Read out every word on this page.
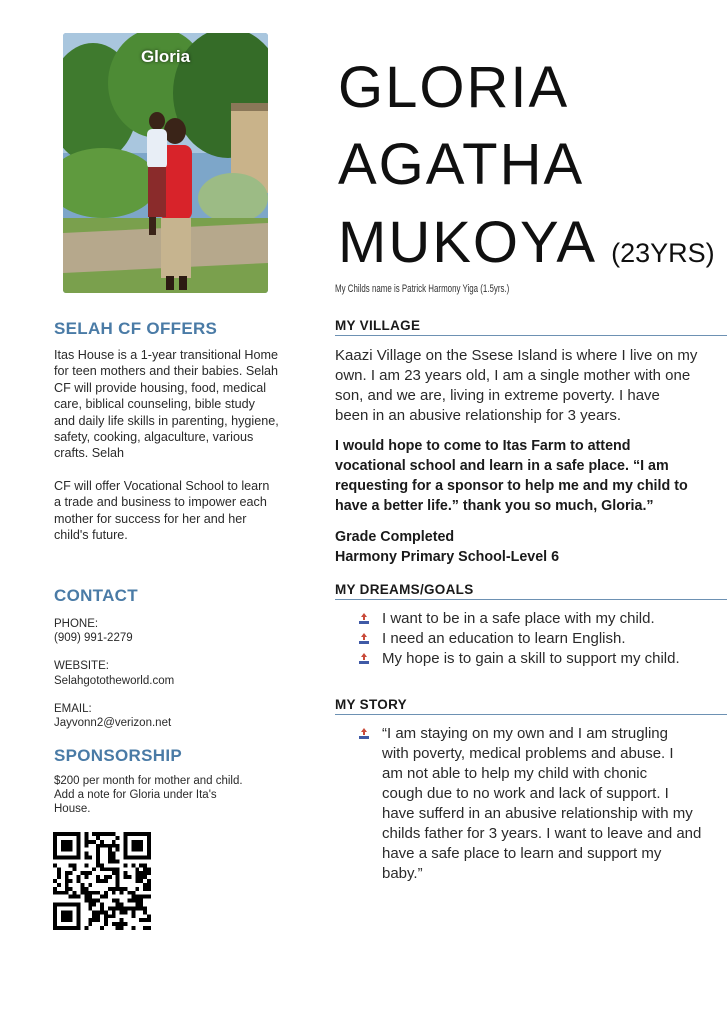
Gloria	GLORIA
AGATHA
MUKOYA (23YRS)
My Childs name is Patrick Harmony Yiga (1.5yrs.)
SELAH CF OFFERS

Itas House is a 1-year transitional Home for teen mothers and their babies. Selah CF will provide housing, food, medical care, biblical counseling, bible study and daily life skills in parenting, hygiene, safety, cooking, algaculture, various crafts. Selah

CF will offer Vocational School to learn a trade and business to impower each mother for success for her and her child's future.

CONTACT
PHONE:
(909) 991-2279
WEBSITE:
Selahgototheworld.com
EMAIL:
Jayvonn2@verizon.net
SPONSORSHIP
$200 per month for mother and child.
Add a note for Gloria under Ita's
House.
MY VILLAGE
Kaazi Village on the Ssese Island is where I live on my
own. I am 23 years old, I am a single mother with one
son, and we are, living in extreme poverty. I have
been in an abusive relationship for 3 years.
I would hope to come to Itas Farm to attend
vocational school and learn in a safe place. “I am
requesting for a sponsor to help me and my child to
have a better life.” thank you so much, Gloria.”
Grade Completed
Harmony Primary School-Level 6
MY DREAMS/GOALS
I want to be in a safe place with my child.
I need an education to learn English.
My hope is to gain a skill to support my child.
MY STORY
“I am staying on my own and I am strugling
with poverty, medical problems and abuse. I
am not able to help my child with chonic
cough due to no work and lack of support. I
have sufferd in an abusive relationship with my
childs father for 3 years. I want to leave and and
have a safe place to learn and support my
baby.”
